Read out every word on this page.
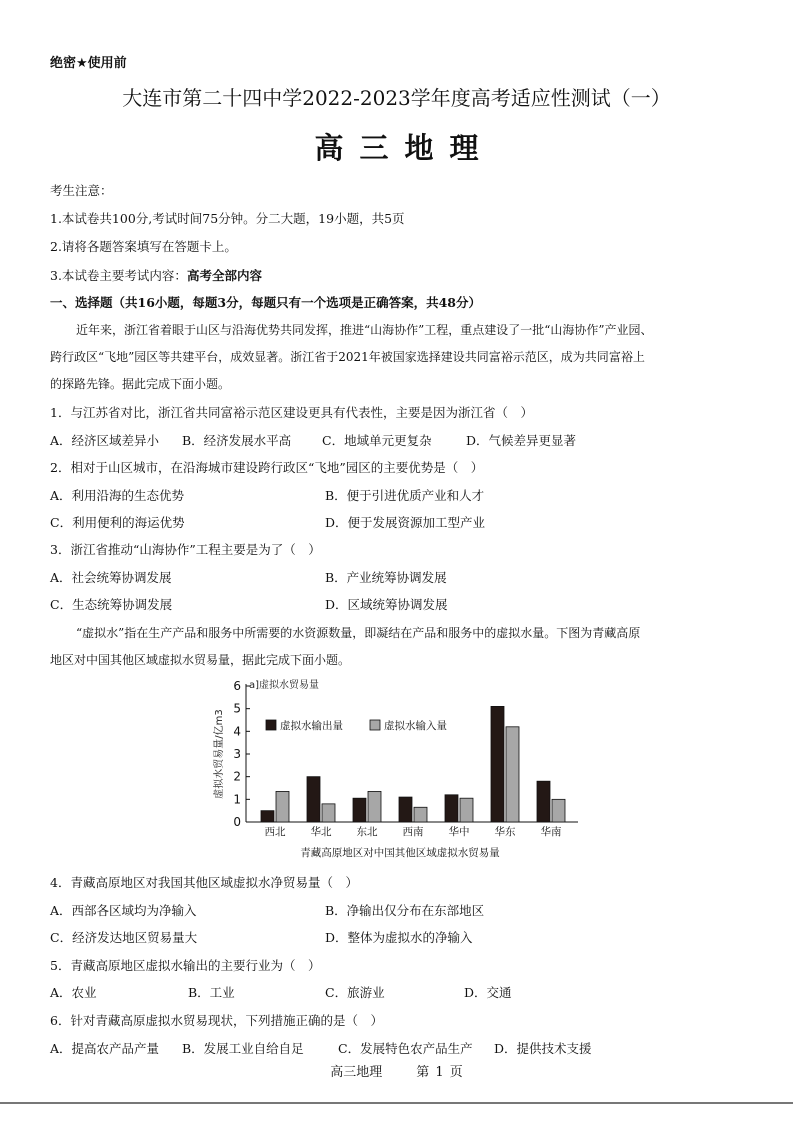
绝密★使用前
大连市第二十四中学2022-2023学年度高考适应性测试（一）
高三地理
考生注意：
1.本试卷共100分,考试时间75分钟。分二大题，19小题，共5页
2.请将各题答案填写在答题卡上。
3.本试卷主要考试内容：高考全部内容
一、选择题（共16小题，每题3分，每题只有一个选项是正确答案，共48分）
近年来，浙江省着眼于山区与沿海优势共同发挥，推进“山海协作”工程，重点建设了一批“山海协作”产业园、
跨行政区“飞地”园区等共建平台，成效显著。浙江省于2021年被国家选择建设共同富裕示范区，成为共同富裕上
的探路先锋。据此完成下面小题。
1．与江苏省对比，浙江省共同富裕示范区建设更具有代表性，主要是因为浙江省（　）
A．经济区域差异小 B．经济发展水平高 C．地域单元更复杂	D．气候差异更显著
2．相对于山区城市，在沿海城市建设跨行政区“飞地”园区的主要优势是（　）
A．利用沿海的生态优势	B．便于引进优质产业和人才
C．利用便利的海运优势	D．便于发展资源加工型产业
3．浙江省推动“山海协作”工程主要是为了（　）
A．社会统筹协调发展	B．产业统筹协调发展
C．生态统筹协调发展	D．区域统筹协调发展
“虚拟水”指在生产产品和服务中所需要的水资源数量，即凝结在产品和服务中的虚拟水量。下图为青藏高原
地区对中国其他区域虚拟水贸易量，据此完成下面小题。
0
1
2
3
4
5
6 a]虚拟水贸易量
虚拟水贸易量/亿m3
西北 华北 东北 西南 华中 华东 华南
虚拟水输出量	虚拟水输入量
青藏高原地区对中国其他区域虚拟水贸易量
4．青藏高原地区对我国其他区域虚拟水净贸易量（　）
A．西部各区域均为净输入	B．净输出仅分布在东部地区
C．经济发达地区贸易量大	D．整体为虚拟水的净输入
5．青藏高原地区虚拟水输出的主要行业为（　）
A．农业	B．工业	C．旅游业	D．交通
6．针对青藏高原虚拟水贸易现状，下列措施正确的是（　）
A．提高农产品产量 B．发展工业自给自足	C．发展特色农产品生产 D．提供技术支援
高三地理	第 1 页
